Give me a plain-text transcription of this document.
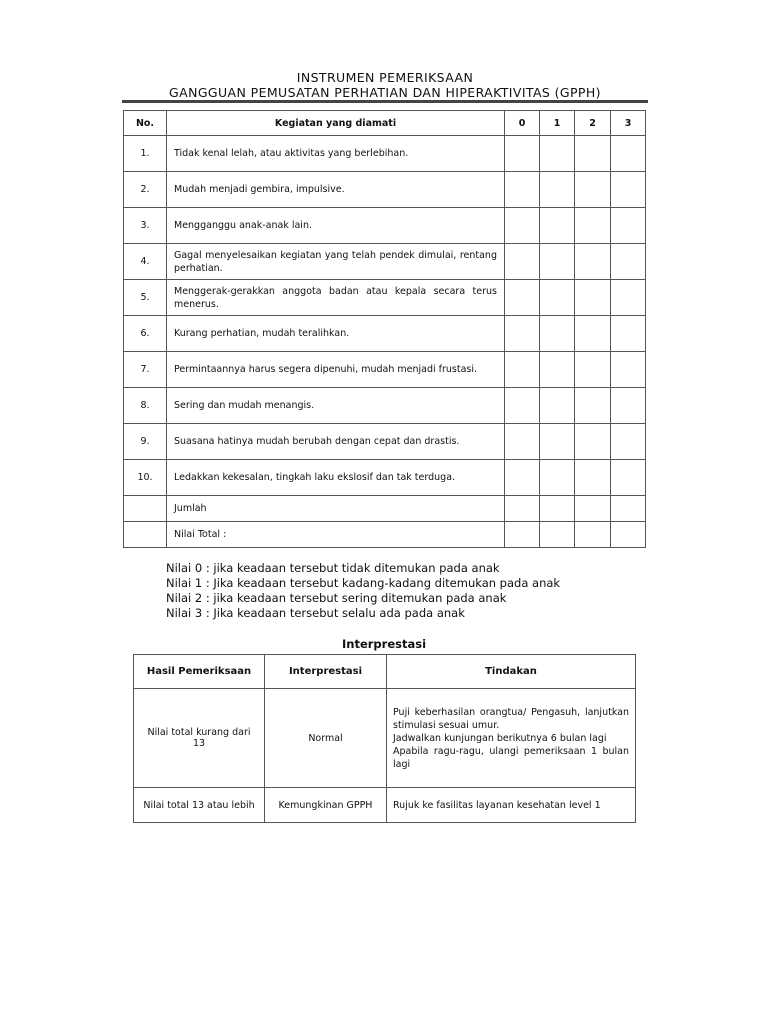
INSTRUMEN PEMERIKSAAN
GANGGUAN PEMUSATAN PERHATIAN DAN HIPERAKTIVITAS (GPPH)
No.	Kegiatan yang diamati	0	1	2	3
1.	Tidak kenal lelah, atau aktivitas yang berlebihan.				
2.	Mudah menjadi gembira, impulsive.				
3.	Mengganggu anak-anak lain.				
4.	Gagal menyelesaikan kegiatan yang telah pendek dimulai, rentang perhatian.				
5.	Menggerak-gerakkan anggota badan atau kepala secara terus menerus.				
6.	Kurang perhatian, mudah teralihkan.				
7.	Permintaannya harus segera dipenuhi, mudah menjadi frustasi.				
8.	Sering dan mudah menangis.				
9.	Suasana hatinya mudah berubah dengan cepat dan drastis.				
10.	Ledakkan kekesalan, tingkah laku ekslosif dan tak terduga.				
	Jumlah				
	Nilai Total :				
Nilai 0 : jika keadaan tersebut tidak ditemukan pada anak
Nilai 1 : Jika keadaan tersebut kadang-kadang ditemukan pada anak
Nilai 2 : jika keadaan tersebut sering ditemukan pada anak
Nilai 3 : Jika keadaan tersebut selalu ada pada anak
Interprestasi
Hasil Pemeriksaan	Interprestasi	Tindakan
Nilai total kurang dari 13	Normal	Puji keberhasilan orangtua/ Pengasuh, lanjutkan stimulasi sesuai umur.
Jadwalkan kunjungan berikutnya 6 bulan lagi
Apabila ragu-ragu, ulangi pemeriksaan 1 bulan lagi

Nilai total 13 atau lebih	Kemungkinan GPPH	Rujuk ke fasilitas layanan kesehatan level 1
